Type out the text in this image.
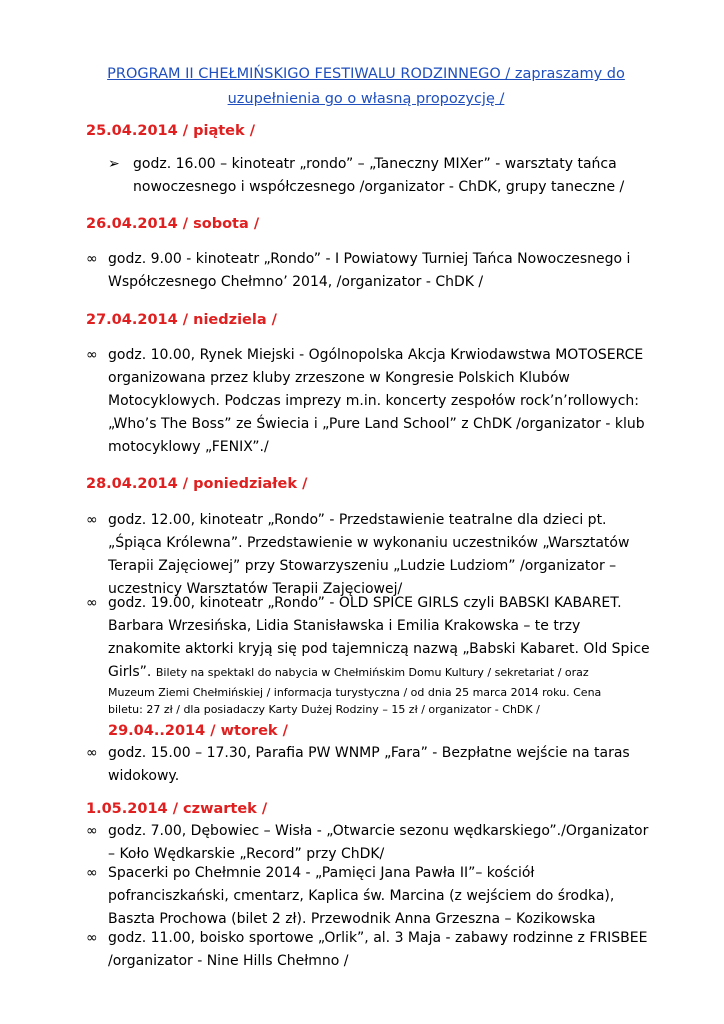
PROGRAM II CHEŁMIŃSKIGO FESTIWALU RODZINNEGO / zapraszamy do
uzupełnienia go o własną propozycję /
25.04.2014 / piątek /
➢ godz. 16.00 – kinoteatr „rondo” – „Taneczny MIXer” - warsztaty tańca
nowoczesnego i współczesnego /organizator - ChDK, grupy taneczne /
26.04.2014 / sobota /
∞ godz. 9.00 - kinoteatr „Rondo” - I Powiatowy Turniej Tańca Nowoczesnego i
Współczesnego Chełmno’ 2014, /organizator - ChDK /
27.04.2014 / niedziela /
∞ godz. 10.00, Rynek Miejski - Ogólnopolska Akcja Krwiodawstwa MOTOSERCE
organizowana przez kluby zrzeszone w Kongresie Polskich Klubów
Motocyklowych. Podczas imprezy m.in. koncerty zespołów rock’n’rollowych:
„Who’s The Boss” ze Świecia i „Pure Land School” z ChDK /organizator - klub
motocyklowy „FENIX”./
28.04.2014 / poniedziałek /
∞ godz. 12.00, kinoteatr „Rondo” - Przedstawienie teatralne dla dzieci pt.
„Śpiąca Królewna”. Przedstawienie w wykonaniu uczestników „Warsztatów
Terapii Zajęciowej” przy Stowarzyszeniu „Ludzie Ludziom” /organizator –
uczestnicy Warsztatów Terapii Zajęciowej/
∞ godz. 19.00, kinoteatr „Rondo” - OLD SPICE GIRLS czyli BABSKI KABARET.
Barbara Wrzesińska, Lidia Stanisławska i Emilia Krakowska – te trzy
znakomite aktorki kryją się pod tajemniczą nazwą „Babski Kabaret. Old Spice
Girls”. Bilety na spektakl do nabycia w Chełmińskim Domu Kultury / sekretariat / oraz
Muzeum Ziemi Chełmińskiej / informacja turystyczna / od dnia 25 marca 2014 roku. Cena
biletu: 27 zł / dla posiadaczy Karty Dużej Rodziny – 15 zł / organizator - ChDK /
29.04..2014 / wtorek /
∞ godz. 15.00 – 17.30, Parafia PW WNMP „Fara” - Bezpłatne wejście na taras
widokowy.
1.05.2014 / czwartek /
∞ godz. 7.00, Dębowiec – Wisła - „Otwarcie sezonu wędkarskiego”./Organizator
– Koło Wędkarskie „Record” przy ChDK/
∞ Spacerki po Chełmnie 2014 - „Pamięci Jana Pawła II”– kościół
pofranciszkański, cmentarz, Kaplica św. Marcina (z wejściem do środka),
Baszta Prochowa (bilet 2 zł). Przewodnik Anna Grzeszna – Kozikowska
∞ godz. 11.00, boisko sportowe „Orlik”, al. 3 Maja - zabawy rodzinne z FRISBEE
/organizator - Nine Hills Chełmno /
